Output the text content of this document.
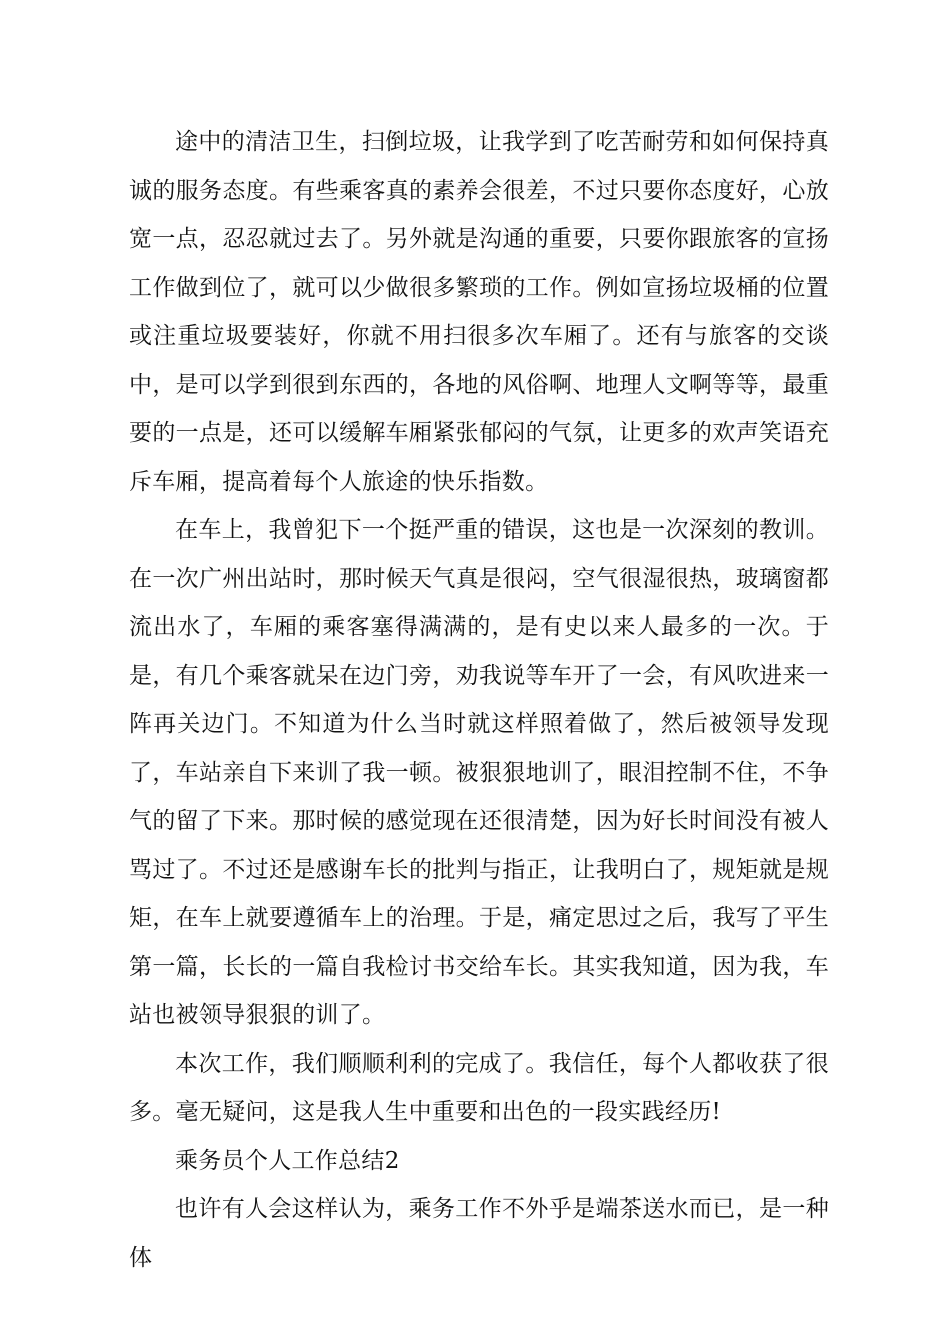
途中的清洁卫生，扫倒垃圾，让我学到了吃苦耐劳和如何保持真诚的服务态度。有些乘客真的素养会很差，不过只要你态度好，心放宽一点，忍忍就过去了。另外就是沟通的重要，只要你跟旅客的宣扬工作做到位了，就可以少做很多繁琐的工作。例如宣扬垃圾桶的位置或注重垃圾要装好，你就不用扫很多次车厢了。还有与旅客的交谈中，是可以学到很到东西的，各地的风俗啊、地理人文啊等等，最重要的一点是，还可以缓解车厢紧张郁闷的气氛，让更多的欢声笑语充斥车厢，提高着每个人旅途的快乐指数。

在车上，我曾犯下一个挺严重的错误，这也是一次深刻的教训。在一次广州出站时，那时候天气真是很闷，空气很湿很热，玻璃窗都流出水了，车厢的乘客塞得满满的，是有史以来人最多的一次。于是，有几个乘客就呆在边门旁，劝我说等车开了一会，有风吹进来一阵再关边门。不知道为什么当时就这样照着做了，然后被领导发现了，车站亲自下来训了我一顿。被狠狠地训了，眼泪控制不住，不争气的留了下来。那时候的感觉现在还很清楚，因为好长时间没有被人骂过了。不过还是感谢车长的批判与指正，让我明白了，规矩就是规矩，在车上就要遵循车上的治理。于是，痛定思过之后，我写了平生第一篇，长长的一篇自我检讨书交给车长。其实我知道，因为我，车站也被领导狠狠的训了。

本次工作，我们顺顺利利的完成了。我信任，每个人都收获了很多。毫无疑问，这是我人生中重要和出色的一段实践经历!

乘务员个人工作总结2

也许有人会这样认为，乘务工作不外乎是端茶送水而已，是一种体
